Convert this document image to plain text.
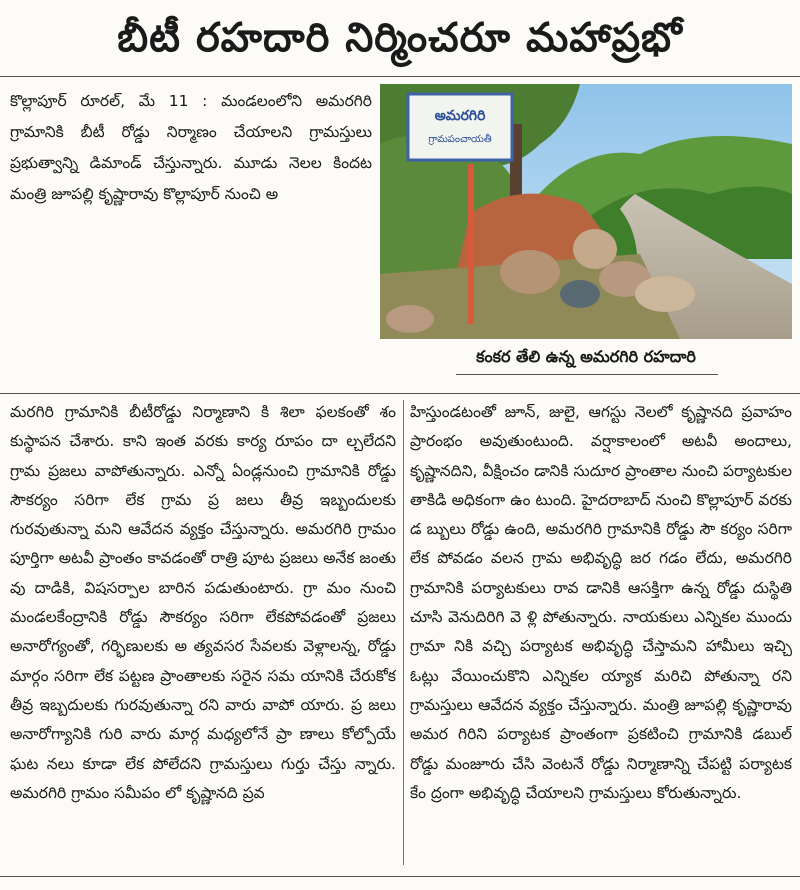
బీటీ రహదారి నిర్మించరూ మహాప్రభో
కొల్లాపూర్ రూరల్, మే 11 : మండలంలోని అమరగిరి గ్రామానికి బీటీ రోడ్డు నిర్మాణం చేయాలని గ్రామస్తులు ప్రభుత్వాన్ని డిమాండ్ చేస్తున్నారు. మూడు నెలల కిందట మంత్రి జూపల్లి కృష్ణారావు కొల్లాపూర్ నుంచి అ
అమరగిరి
గ్రామపంచాయతీ
కంకర తేలి ఉన్న అమరగిరి రహదారి
మరగిరి గ్రామానికి బీటీరోడ్డు నిర్మాణాని కి శిలా ఫలకంతో శం కుస్థాపన చేశారు. కాని ఇంత వరకు కార్య రూపం దా ల్చలేదని గ్రామ ప్రజలు వాపోతున్నారు. ఎన్నో ఏండ్లనుంచి గ్రామానికి రోడ్డు సౌకర్యం సరిగా లేక గ్రామ ప్ర జలు తీవ్ర ఇబ్బందులకు గురవుతున్నా మని ఆవేదన వ్యక్తం చేస్తున్నారు. అమరగిరి గ్రామం పూర్తిగా అటవీ ప్రాంతం కావడంతో రాత్రి పూట ప్రజలు అనేక జంతు వు దాడికి, విషసర్పాల బారిన పడుతుంటారు. గ్రా మం నుంచి మండలకేంద్రానికి రోడ్డు సౌకర్యం సరిగా లేకపోవడంతో ప్రజలు అనారోగ్యంతో, గర్భిణులకు అ త్యవసర సేవలకు వెళ్లాలన్న, రోడ్డు మార్గం సరిగా లేక పట్టణ ప్రాంతాలకు సరైన సమ యానికి చేరుకోక తీవ్ర ఇబ్బదులకు గురవుతున్నా రని వారు వాపో యారు. ప్ర జలు అనారోగ్యానికి గురి వారు మార్గ మధ్యలోనే ప్రా ణాలు కోల్పోయే ఘట నలు కూడా లేక పోలేదని గ్రామస్తులు గుర్తు చేస్తు న్నారు. అమరగిరి గ్రామం సమీపం లో కృష్ణానది ప్రవ
హిస్తుండటంతో జూన్, జులై, ఆగస్టు నెలలో కృష్ణానది ప్రవాహం ప్రారంభం అవుతుంటుంది. వర్షాకాలంలో అటవీ అందాలు, కృష్ణానదిని, వీక్షించం డానికి సుదూర ప్రాంతాల నుంచి పర్యాటకుల తాకిడి అధికంగా ఉం టుంది. హైదరాబాద్ నుంచి కొల్లాపూర్ వరకు డ బ్బులు రోడ్డు ఉంది, అమరగిరి గ్రామానికి రోడ్డు సౌ కర్యం సరిగా లేక పోవడం వలన గ్రామ అభివృద్ధి జర గడం లేదు, అమరగిరి గ్రామానికి పర్యాటకులు రావ డానికి ఆసక్తిగా ఉన్న రోడ్డు దుస్థితి చూసి వెనుదిరిగి వె ళ్లి పోతున్నారు. నాయకులు ఎన్నికల ముందు గ్రామా నికి వచ్చి పర్యాటక అభివృద్ధి చేస్తామని హామీలు ఇచ్చి ఓట్లు వేయించుకొని ఎన్నికల య్యాక మరిచి పోతున్నా రని గ్రామస్తులు ఆవేదన వ్యక్తం చేస్తున్నారు. మంత్రి జూపల్లి కృష్ణారావు అమర గిరిని పర్యాటక ప్రాంతంగా ప్రకటించి గ్రామానికి డబుల్ రోడ్డు మంజూరు చేసి వెంటనే రోడ్డు నిర్మాణాన్ని చేపట్టి పర్యాటక కేం ద్రంగా అభివృద్ధి చేయాలని గ్రామస్తులు కోరుతున్నారు.
